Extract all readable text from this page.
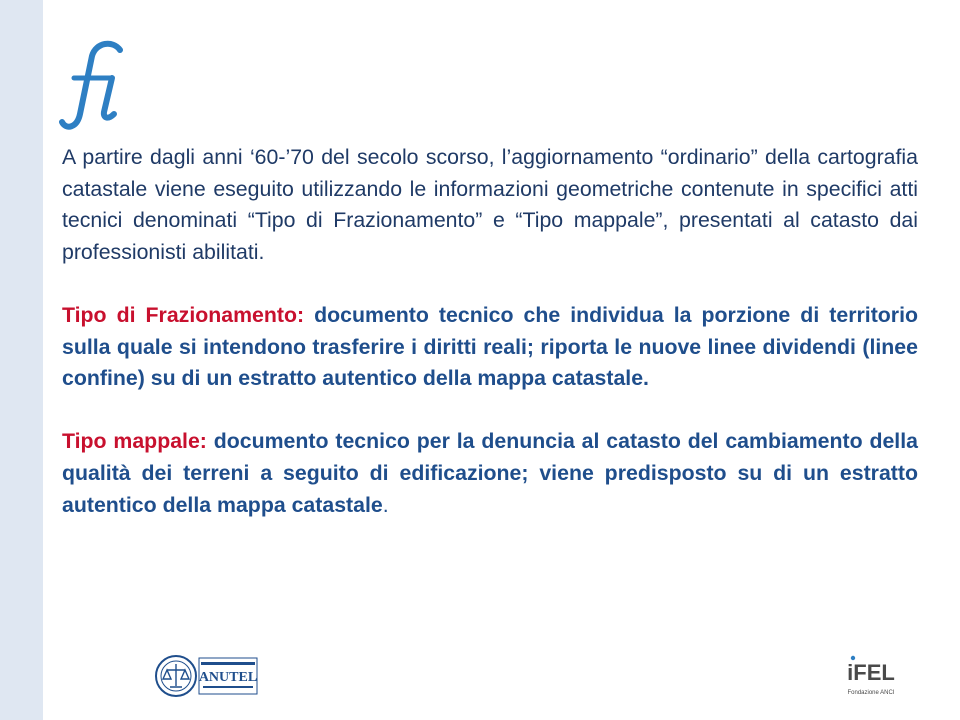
A partire dagli anni ‘60-’70 del secolo scorso, l’aggiornamento “ordinario” della cartografia catastale viene eseguito utilizzando le informazioni geometriche contenute in specifici atti tecnici denominati “Tipo di Frazionamento” e “Tipo mappale”, presentati al catasto dai professionisti abilitati.

Tipo di Frazionamento: documento tecnico che individua la porzione di territorio sulla quale si intendono trasferire i diritti reali; riporta le nuove linee dividendi (linee confine) su di un estratto autentico della mappa catastale.

Tipo mappale: documento tecnico per la denuncia al catasto del cambiamento della qualità dei terreni a seguito di edificazione; viene predisposto su di un estratto autentico della mappa catastale.

ANUTEL	iFEL
Fondazione ANCI
